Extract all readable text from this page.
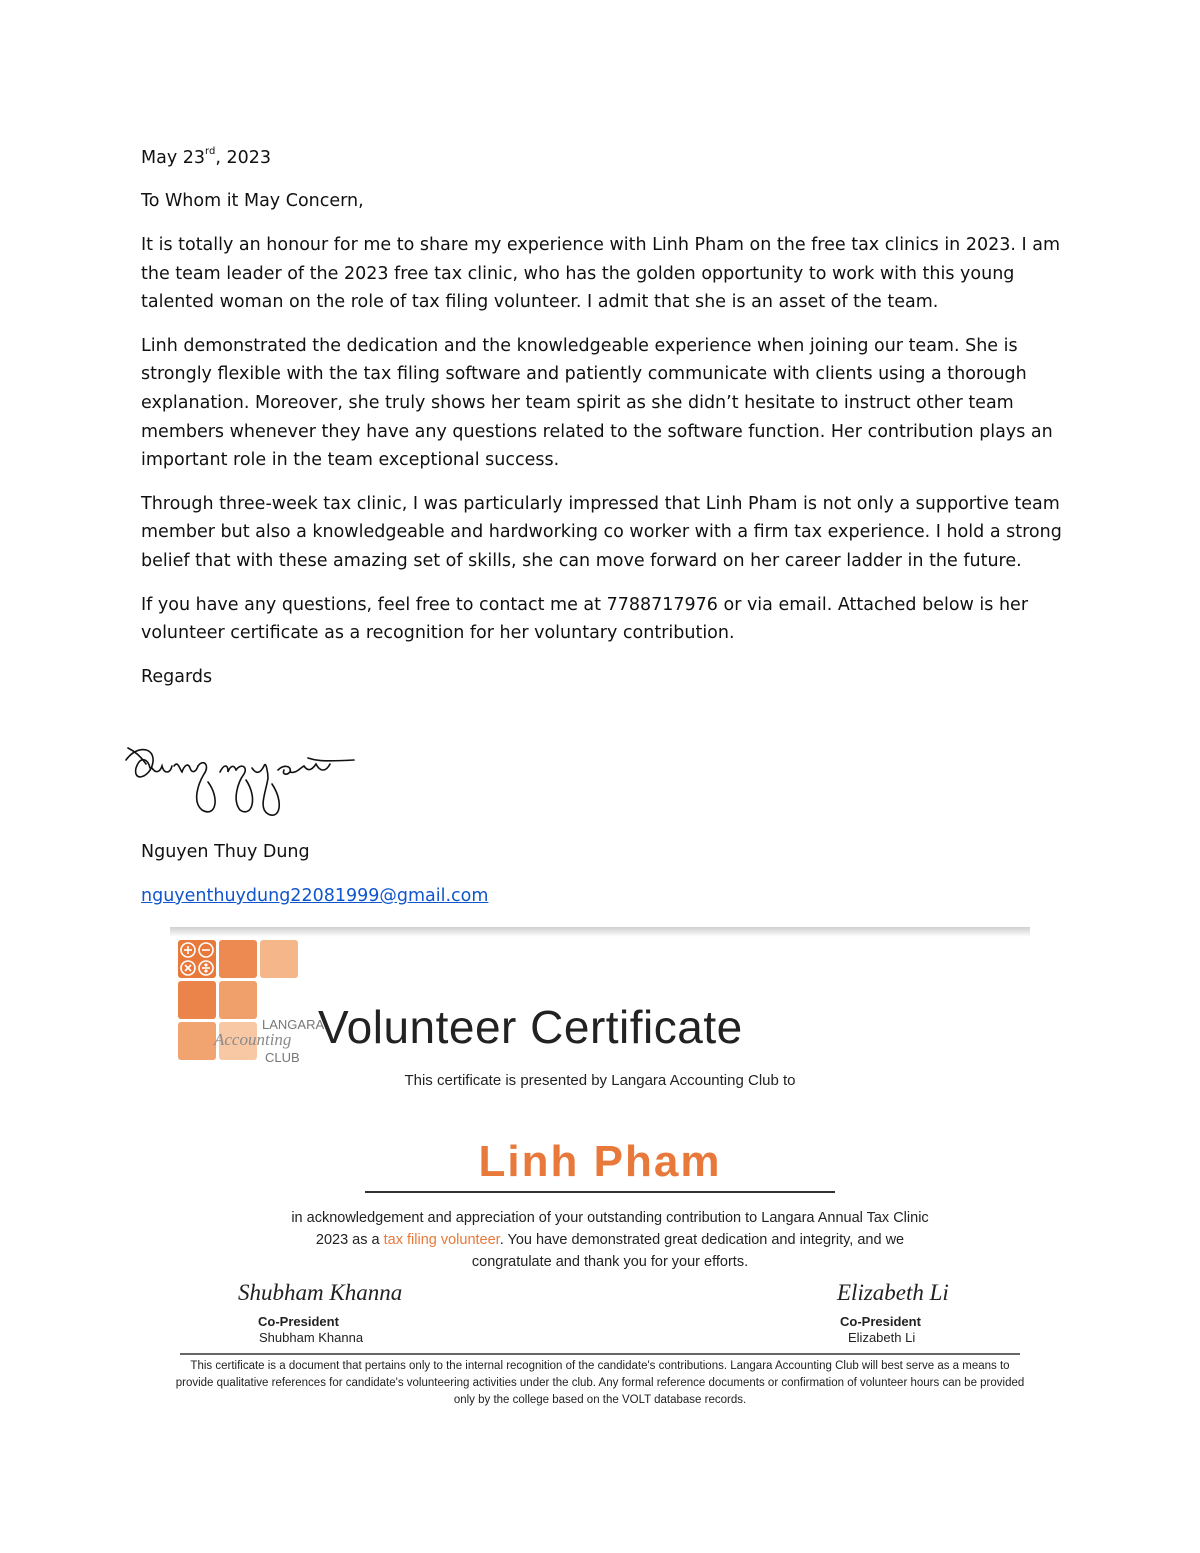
May 23rd, 2023

To Whom it May Concern,

It is totally an honour for me to share my experience with Linh Pham on the free tax clinics in 2023. I am the team leader of the 2023 free tax clinic, who has the golden opportunity to work with this young talented woman on the role of tax filing volunteer. I admit that she is an asset of the team.

Linh demonstrated the dedication and the knowledgeable experience when joining our team. She is strongly flexible with the tax filing software and patiently communicate with clients using a thorough explanation. Moreover, she truly shows her team spirit as she didn’t hesitate to instruct other team members whenever they have any questions related to the software function. Her contribution plays an important role in the team exceptional success.

Through three-week tax clinic, I was particularly impressed that Linh Pham is not only a supportive team member but also a knowledgeable and hardworking co worker with a firm tax experience. I hold a strong belief that with these amazing set of skills, she can move forward on her career ladder in the future.

If you have any questions, feel free to contact me at 7788717976 or via email. Attached below is her volunteer certificate as a recognition for her voluntary contribution.

Regards

Nguyen Thuy Dung
nguyenthuydung22081999@gmail.com
LANGARA
Accounting
CLUB
Volunteer Certificate
This certificate is presented by Langara Accounting Club to
Linh Pham
in acknowledgement and appreciation of your outstanding contribution to Langara Annual Tax Clinic 2023 as a tax filing volunteer. You have demonstrated great dedication and integrity, and we congratulate and thank you for your efforts.
Shubham Khanna	Elizabeth Li
Co-President
Shubham Khanna
Co-President
Elizabeth Li
This certificate is a document that pertains only to the internal recognition of the candidate's contributions. Langara Accounting Club will best serve as a means to provide qualitative references for candidate's volunteering activities under the club. Any formal reference documents or confirmation of volunteer hours can be provided only by the college based on the VOLT database records.
